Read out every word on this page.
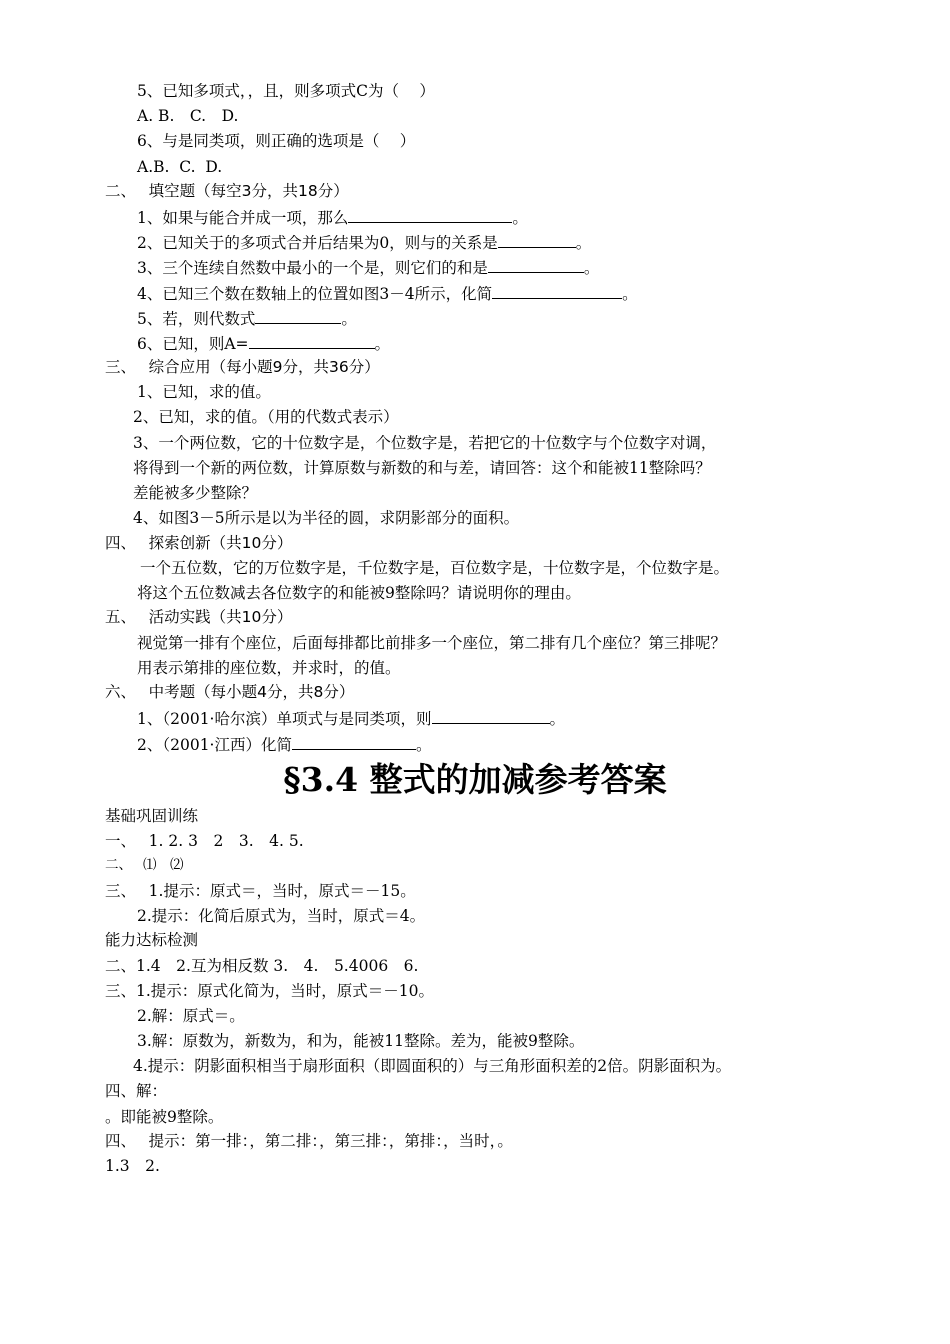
5、已知多项式，，且，则多项式C为（　 ）
A. B.　C.　D.
6、与是同类项，则正确的选项是（　 ）
A.B.  C.  D.
二、　 填空题（每空3分，共18分）
1、如果与能合并成一项，那么	。
2、已知关于的多项式合并后结果为0，则与的关系是	。
3、三个连续自然数中最小的一个是，则它们的和是	。
4、已知三个数在数轴上的位置如图3－4所示，化简	。
5、若，则代数式	。
6、已知，则A=	。
三、　 综合应用（每小题9分，共36分）
1、已知，求的值。
2、已知，求的值。（用的代数式表示）
3、一个两位数，它的十位数字是，个位数字是，若把它的十位数字与个位数字对调，
将得到一个新的两位数，计算原数与新数的和与差，请回答：这个和能被11整除吗？
差能被多少整除？
4、如图3－5所示是以为半径的圆，求阴影部分的面积。
四、　 探索创新（共10分）
一个五位数，它的万位数字是，千位数字是，百位数字是，十位数字是，个位数字是。
将这个五位数减去各位数字的和能被9整除吗？请说明你的理由。
五、　 活动实践（共10分）
视觉第一排有个座位，后面每排都比前排多一个座位，第二排有几个座位？第三排呢？
用表示第排的座位数，并求时，的值。
六、　 中考题（每小题4分，共8分）
1、（2001·哈尔滨）单项式与是同类项，则	。
2、（2001·江西）化简	。
§3.4 整式的加减参考答案
基础巩固训练
一、　 1. 2. 3　2　3.　4. 5.
二、　 ⑴　⑵
三、　 1.提示：原式＝，当时，原式＝－15。
2.提示：化简后原式为，当时，原式＝4。
能力达标检测
二、1.4　2.互为相反数 3.　4.　5.4006　6.
三、1.提示：原式化简为，当时，原式＝－10。
2.解：原式＝。
3.解：原数为，新数为，和为，能被11整除。差为，能被9整除。
4.提示：阴影面积相当于扇形面积（即圆面积的）与三角形面积差的2倍。阴影面积为。
四、解：
。即能被9整除。
四、　 提示：第一排：，第二排：，第三排：，第排：，当时，。
1.3　2.
